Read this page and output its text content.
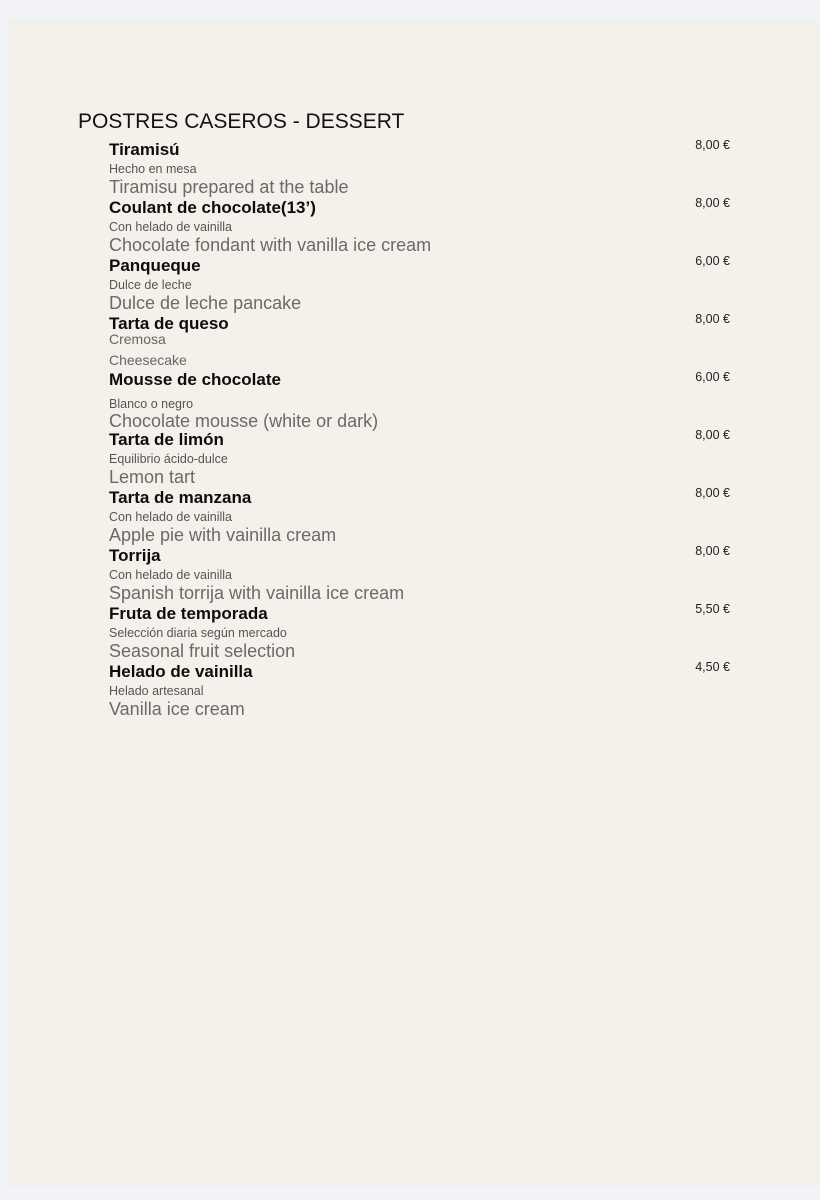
POSTRES CASEROS - DESSERT
Tiramisú
Hecho en mesa
Tiramisu prepared at the table
8,00 €
Coulant de chocolate(13’)
Con helado de vainilla
Chocolate fondant with vanilla ice cream
8,00 €
Panqueque
Dulce de leche
Dulce de leche pancake
6,00 €
Tarta de queso
Cremosa
Cheesecake
8,00 €
Mousse de chocolate
Blanco o negro
Chocolate mousse (white or dark)
6,00 €
Tarta de limón
Equilibrio ácido-dulce
Lemon tart
8,00 €
Tarta de manzana
Con helado de vainilla
Apple pie with vainilla cream
8,00 €
Torrija
Con helado de vainilla
Spanish torrija with vainilla ice cream
8,00 €
Fruta de temporada
Selección diaria según mercado
Seasonal fruit selection
5,50 €
Helado de vainilla
Helado artesanal
Vanilla ice cream
4,50 €
